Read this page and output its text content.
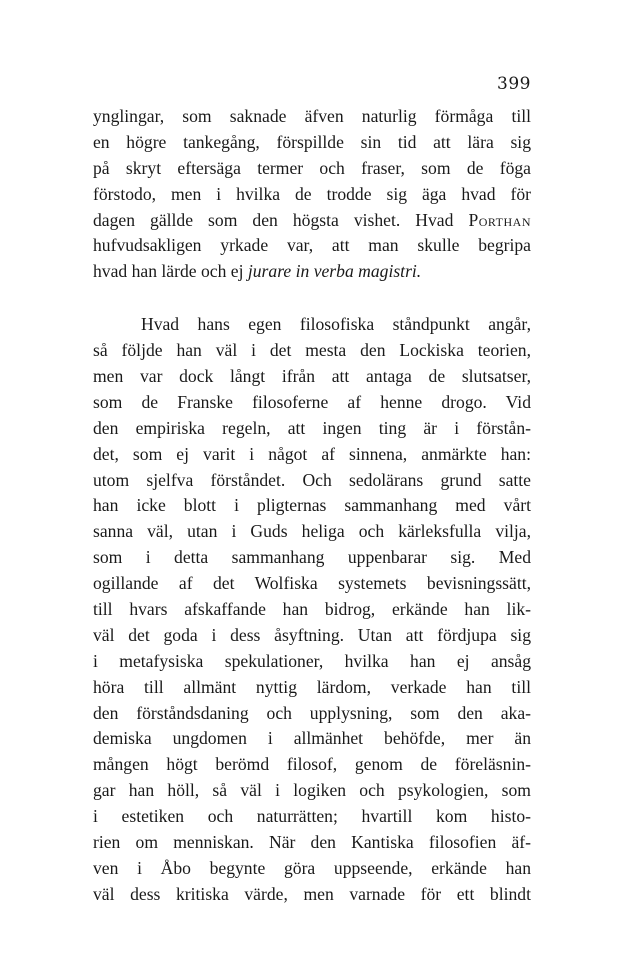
399
ynglingar, som saknade äfven naturlig förmåga till
en högre tankegång, förspillde sin tid att lära sig
på skryt eftersäga termer och fraser, som de föga
förstodo, men i hvilka de trodde sig äga hvad för
dagen gällde som den högsta vishet. Hvad Porthan
hufvudsakligen yrkade var, att man skulle begripa
hvad han lärde och ej jurare in verba magistri.
Hvad hans egen filosofiska ståndpunkt angår,
så följde han väl i det mesta den Lockiska teorien,
men var dock långt ifrån att antaga de slutsatser,
som de Franske filosoferne af henne drogo. Vid
den empiriska regeln, att ingen ting är i förstån-
det, som ej varit i något af sinnena, anmärkte han:
utom sjelfva förståndet. Och sedolärans grund satte
han icke blott i pligternas sammanhang med vårt
sanna väl, utan i Guds heliga och kärleksfulla vilja,
som i detta sammanhang uppenbarar sig. Med
ogillande af det Wolfiska systemets bevisningssätt,
till hvars afskaffande han bidrog, erkände han lik-
väl det goda i dess åsyftning. Utan att fördjupa sig
i metafysiska spekulationer, hvilka han ej ansåg
höra till allmänt nyttig lärdom, verkade han till
den förståndsdaning och upplysning, som den aka-
demiska ungdomen i allmänhet behöfde, mer än
mången högt berömd filosof, genom de föreläsnin-
gar han höll, så väl i logiken och psykologien, som
i estetiken och naturrätten; hvartill kom histo-
rien om menniskan. När den Kantiska filosofien äf-
ven i Åbo begynte göra uppseende, erkände han
väl dess kritiska värde, men varnade för ett blindt
